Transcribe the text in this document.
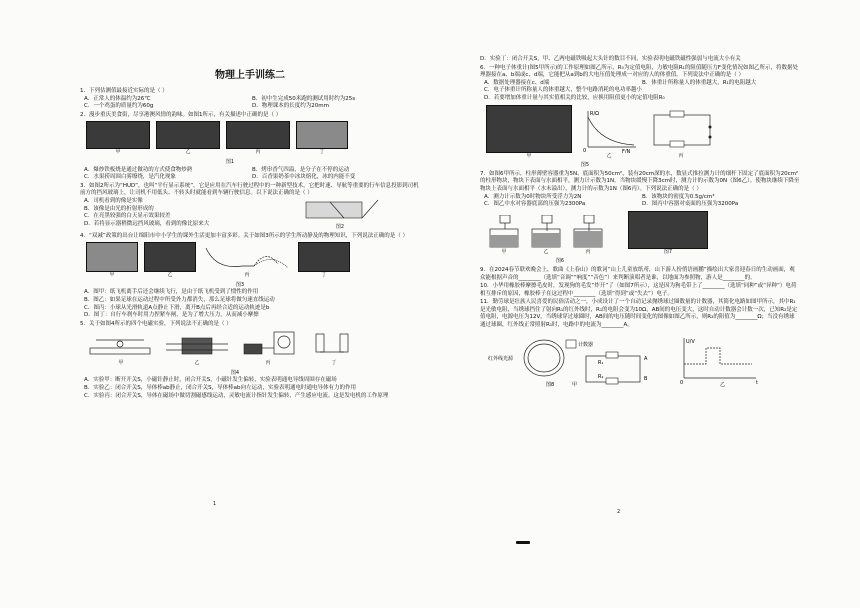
物理上手训练二
1．下列估测值最接近实际的是（ ）
A．正常人的体温约为26℃	B．初中生完成50米跑的测试用时约为25s
C．一个鸡蛋的质量约为60g	D．物理课本的长度约为20mm
2．漫步重庆美食街，尽享港澳风情的韵味。如图1所示，有关描述中正确的是（ ）
甲	乙	丙	丁
图1
A．爆炒铁板烧是通过做功的方式使食物炒熟	B．烤串香气四溢，是分子在不停的运动
C．水果捞周围白雾缭绕，是汽化现象	D．百香果奶茶中冰块熔化，冰的内能不变
3．如图2所示为“HUD”，也叫“平行显示系统”，它是应用在汽车行驶过程中的一种新型技术，它把时速、导航等重要的行车信息投影到司机前方的挡风玻璃上，让司机不用低头、不转头时就能看到车辆行驶信息。以下说法正确的是（ ）
A．司机看到的像是实像
B．该像是由光的折射形成的
C．在亮黑较强的白天显示效果较差
D．若将显示器稍微远挡风玻璃，看到的像比原来大
图2
4．“双减”政策的出台让绵阳市中小学生的课外生活更加丰富多彩。关于如图3所示的学生所动静及的物理知识，下列说法正确的是（ ）
甲	乙	丙	丁
图3
A．图甲：纸飞机离手后还会继续飞行，是由于纸飞机受到了惯性的作用
B．图乙：如果足球在运动过程中所受外力都消失，那么足球将做匀速直线运动
C．图丙：小球从光滑轨道A点静止下滑，离开B点后再经合适的运动轨迹是b
D．图丁：自行车刹车时用力捏紧车闸，是为了增大压力，从而减小摩擦
5．关于如图4所示的四个电磁实验，下列说法不正确的是（ ）
甲	乙	丙	丁
图4
A．实验甲：断开开关S，小磁针静止时，闭合开关S，小磁针发生偏转，实验表明通电导线周围存在磁场
B．实验乙：闭合开关S，导体棒ab静止，闭合开关S，导体棒ab向左运动，实验表明通电时通电导体有力的作用
C．实验丙：闭合开关S，导体在磁场中做切割磁感线运动，灵敏电流计指针发生偏转，产生感应电流。这是发电机的工作原理
1
D．实验丁：闭合开关S，甲、乙两电磁铁吸起大头针的数目不同，实验表明电磁铁磁性强弱与电流大小有关
6．一种电子体重计(图5甲所示)的工作原理如图乙所示，R₀为定值电阻，力敏电阻R₁的阻值随压力F变化情况如图乙所示，将数据处理器接在a、b端或c、d端，它能把从a到b的大电压值处理成一对应的人的体重值。下列说法中正确的是（ ）
A．数据处理器接在c、d端	B．体重计所称量人的体重越大，R₁的电阻越大
C．电子体重计所称量人的体重越大，整个电路消耗的电功率越小
D．若要增加体重计量与其实值相关的比较，应换用阻值更小的定值电阻R₀
甲
R/Ω
F/N
0
乙	丙
图5
7．如图6甲所示，柱形薄壁容器重为5N、底面积为50cm²，装有20cm深的水，数显式推拉测力计的细杆下固定了底面积为20cm²的柱形物块，物块下表面与水面相平，测力计示数为1N。当物块缓慢下降3cm时，测力计的示数为0N（图6乙）。使物块继续下降至物块上表面与水面相平（水未溢出），测力计的示数为1N（图6丙）。下列说法正确的是（ ）
A．测力计示数为0时物块所受浮力为2N	B．该物块的密度为0.5g/cm³
C．图乙中水对容器底部的压强为2300Pa	D．图丙中容器对桌面的压强为3200Pa
甲	乙	丙	图7
图6
9．在2024春节联欢晚会上，歌曲《上春山》的歌词“山上儿童放纸鸢，山下游人扮俏语画鹏”描绘出大家喜迎春日的生动画面，观众能根据声音的________（选填“音调”“响度”“音色”）来判断演唱者是谁，以地面为参照物，游人是________的。
10．小华用橡胶棒摩擦毛皮时，发现狗的毛发“炸开”了（如图7所示），这是因为狗毛带上了________（选填“同种”或“异种”）电荷相互排斥的原因，橡胶棒子在这过程中________（选填“得到”或“失去”）电子。
11．勤劳球是壮族人民喜爱的民俗活动之一，小成设计了一个自动记录抛绣球过圈数量的计数器，其简化电路如图甲所示，其中R₁是光敏电阻，当绣球挡住了射向R₁的红外线时，R₁的电阻会变为10Ω，AB间的电压变大，这时自动计数器会计数一次，已知R₂是定值电阻，电源电压为12V，当绣球穿过球圈时，AB间的电压随时间变化的图像如图乙所示，则R₂的阻值为________Ω；当没有绣球通过球圈，红外线正常照射R₁时，电路中的电流为________A。
红外线光源
计数器
R₁
R₂
A
B
图8	甲
U/V
0	t
乙
2
